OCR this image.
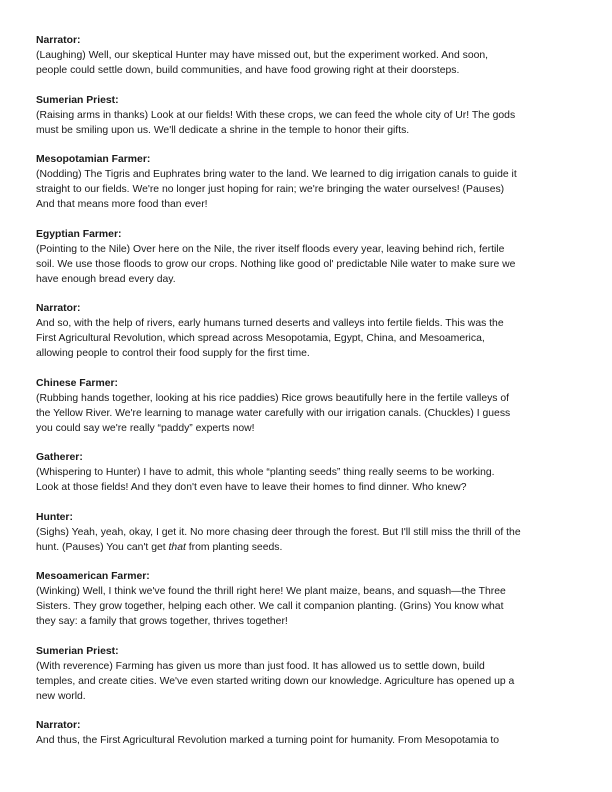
Narrator:

(Laughing) Well, our skeptical Hunter may have missed out, but the experiment worked. And soon,

people could settle down, build communities, and have food growing right at their doorsteps.

Sumerian Priest:

(Raising arms in thanks) Look at our fields! With these crops, we can feed the whole city of Ur! The gods

must be smiling upon us. We'll dedicate a shrine in the temple to honor their gifts.

Mesopotamian Farmer:

(Nodding) The Tigris and Euphrates bring water to the land. We learned to dig irrigation canals to guide it

straight to our fields. We're no longer just hoping for rain; we're bringing the water ourselves! (Pauses)

And that means more food than ever!

Egyptian Farmer:

(Pointing to the Nile) Over here on the Nile, the river itself floods every year, leaving behind rich, fertile

soil. We use those floods to grow our crops. Nothing like good ol' predictable Nile water to make sure we

have enough bread every day.

Narrator:

And so, with the help of rivers, early humans turned deserts and valleys into fertile fields. This was the

First Agricultural Revolution, which spread across Mesopotamia, Egypt, China, and Mesoamerica,

allowing people to control their food supply for the first time.

Chinese Farmer:

(Rubbing hands together, looking at his rice paddies) Rice grows beautifully here in the fertile valleys of

the Yellow River. We're learning to manage water carefully with our irrigation canals. (Chuckles) I guess

you could say we're really “paddy” experts now!

Gatherer:

(Whispering to Hunter) I have to admit, this whole “planting seeds” thing really seems to be working.

Look at those fields! And they don't even have to leave their homes to find dinner. Who knew?

Hunter:

(Sighs) Yeah, yeah, okay, I get it. No more chasing deer through the forest. But I'll still miss the thrill of the

hunt. (Pauses) You can't get that from planting seeds.

Mesoamerican Farmer:

(Winking) Well, I think we've found the thrill right here! We plant maize, beans, and squash—the Three

Sisters. They grow together, helping each other. We call it companion planting. (Grins) You know what

they say: a family that grows together, thrives together!

Sumerian Priest:

(With reverence) Farming has given us more than just food. It has allowed us to settle down, build

temples, and create cities. We've even started writing down our knowledge. Agriculture has opened up a

new world.

Narrator:

And thus, the First Agricultural Revolution marked a turning point for humanity. From Mesopotamia to
